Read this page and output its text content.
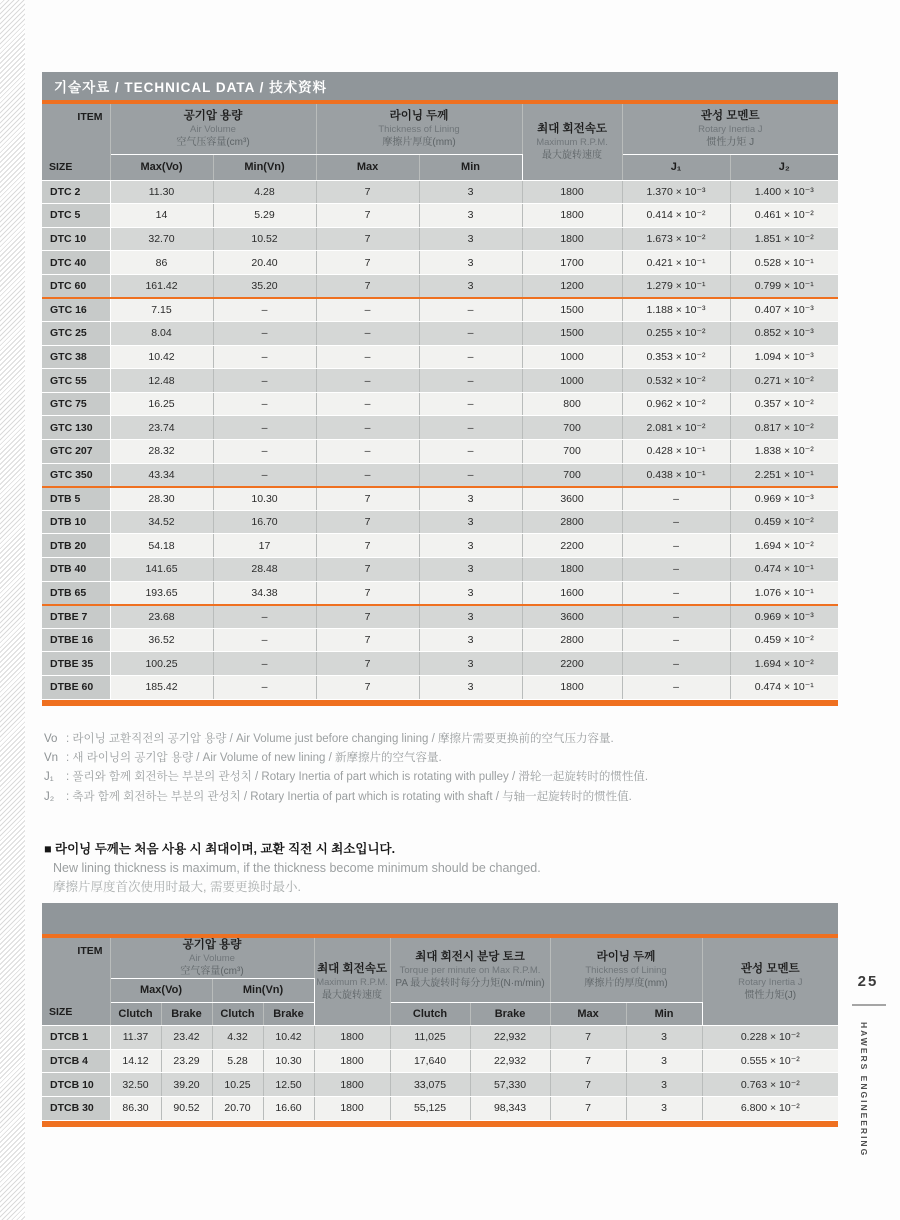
기술자료 / TECHNICAL DATA / 技术资料
ITEM
SIZE

공기압 용량
Air Volume
空气压容量(cm³)

라이닝 두께
Thickness of Lining
摩擦片厚度(mm)

최대 회전속도
Maximum R.P.M.
最大旋转速度

관성 모멘트
Rotary Inertia J
惯性力矩 J

	Max(Vo)	Min(Vn)	Max	Min		J₁	J₂
DTC 2	11.30	4.28	7	3	1800	1.370 × 10⁻³	1.400 × 10⁻³
DTC 5	14	5.29	7	3	1800	0.414 × 10⁻²	0.461 × 10⁻²
DTC 10	32.70	10.52	7	3	1800	1.673 × 10⁻²	1.851 × 10⁻²
DTC 40	86	20.40	7	3	1700	0.421 × 10⁻¹	0.528 × 10⁻¹
DTC 60	161.42	35.20	7	3	1200	1.279 × 10⁻¹	0.799 × 10⁻¹
GTC 16	7.15	–	–	–	1500	1.188 × 10⁻³	0.407 × 10⁻³
GTC 25	8.04	–	–	–	1500	0.255 × 10⁻²	0.852 × 10⁻³
GTC 38	10.42	–	–	–	1000	0.353 × 10⁻²	1.094 × 10⁻³
GTC 55	12.48	–	–	–	1000	0.532 × 10⁻²	0.271 × 10⁻²
GTC 75	16.25	–	–	–	800	0.962 × 10⁻²	0.357 × 10⁻²
GTC 130	23.74	–	–	–	700	2.081 × 10⁻²	0.817 × 10⁻²
GTC 207	28.32	–	–	–	700	0.428 × 10⁻¹	1.838 × 10⁻²
GTC 350	43.34	–	–	–	700	0.438 × 10⁻¹	2.251 × 10⁻¹
DTB 5	28.30	10.30	7	3	3600	–	0.969 × 10⁻³
DTB 10	34.52	16.70	7	3	2800	–	0.459 × 10⁻²
DTB 20	54.18	17	7	3	2200	–	1.694 × 10⁻²
DTB 40	141.65	28.48	7	3	1800	–	0.474 × 10⁻¹
DTB 65	193.65	34.38	7	3	1600	–	1.076 × 10⁻¹
DTBE 7	23.68	–	7	3	3600	–	0.969 × 10⁻³
DTBE 16	36.52	–	7	3	2800	–	0.459 × 10⁻²
DTBE 35	100.25	–	7	3	2200	–	1.694 × 10⁻²
DTBE 60	185.42	–	7	3	1800	–	0.474 × 10⁻¹
Vo : 라이닝 교환직전의 공기압 용량 / Air Volume just before changing lining / 摩擦片需要更换前的空气压力容量.
Vn : 새 라이닝의 공기압 용량 / Air Volume of new lining / 新摩擦片的空气容量.
J₁ : 풀리와 함께 회전하는 부분의 관성치 / Rotary Inertia of part which is rotating with pulley / 滑轮一起旋转时的惯性值.
J₂ : 축과 함께 회전하는 부분의 관성치 / Rotary Inertia of part which is rotating with shaft / 与轴一起旋转时的惯性值.
■ 라이닝 두께는 처음 사용 시 최대이며, 교환 직전 시 최소입니다.
New lining thickness is maximum, if the thickness become minimum should be changed.
摩擦片厚度首次使用时最大, 需要更换时最小.
ITEM
SIZE

공기압 용량
Air Volume
空气容量(cm³)	최대 회전속도
Maximum R.P.M.
最大旋转速度

최대 회전시 분당 토크
Torque per minute on Max R.P.M.
PA 最大旋转时每分力矩(N·m/min)

라이닝 두께
Thickness of Lining
摩擦片的厚度(mm)

관성 모멘트
Rotary Inertia J
惯性力矩(J)

	Max(Vo)		Min(Vn)							
	Clutch	Brake	Clutch	Brake		Clutch	Brake	Max	Min	
DTCB 1	11.37	23.42	4.32	10.42	1800	11,025	22,932	7	3	0.228 × 10⁻²
DTCB 4	14.12	23.29	5.28	10.30	1800	17,640	22,932	7	3	0.555 × 10⁻²
DTCB 10	32.50	39.20	10.25	12.50	1800	33,075	57,330	7	3	0.763 × 10⁻²
DTCB 30	86.30	90.52	20.70	16.60	1800	55,125	98,343	7	3	6.800 × 10⁻²
25
HAWERS ENGINEERING
